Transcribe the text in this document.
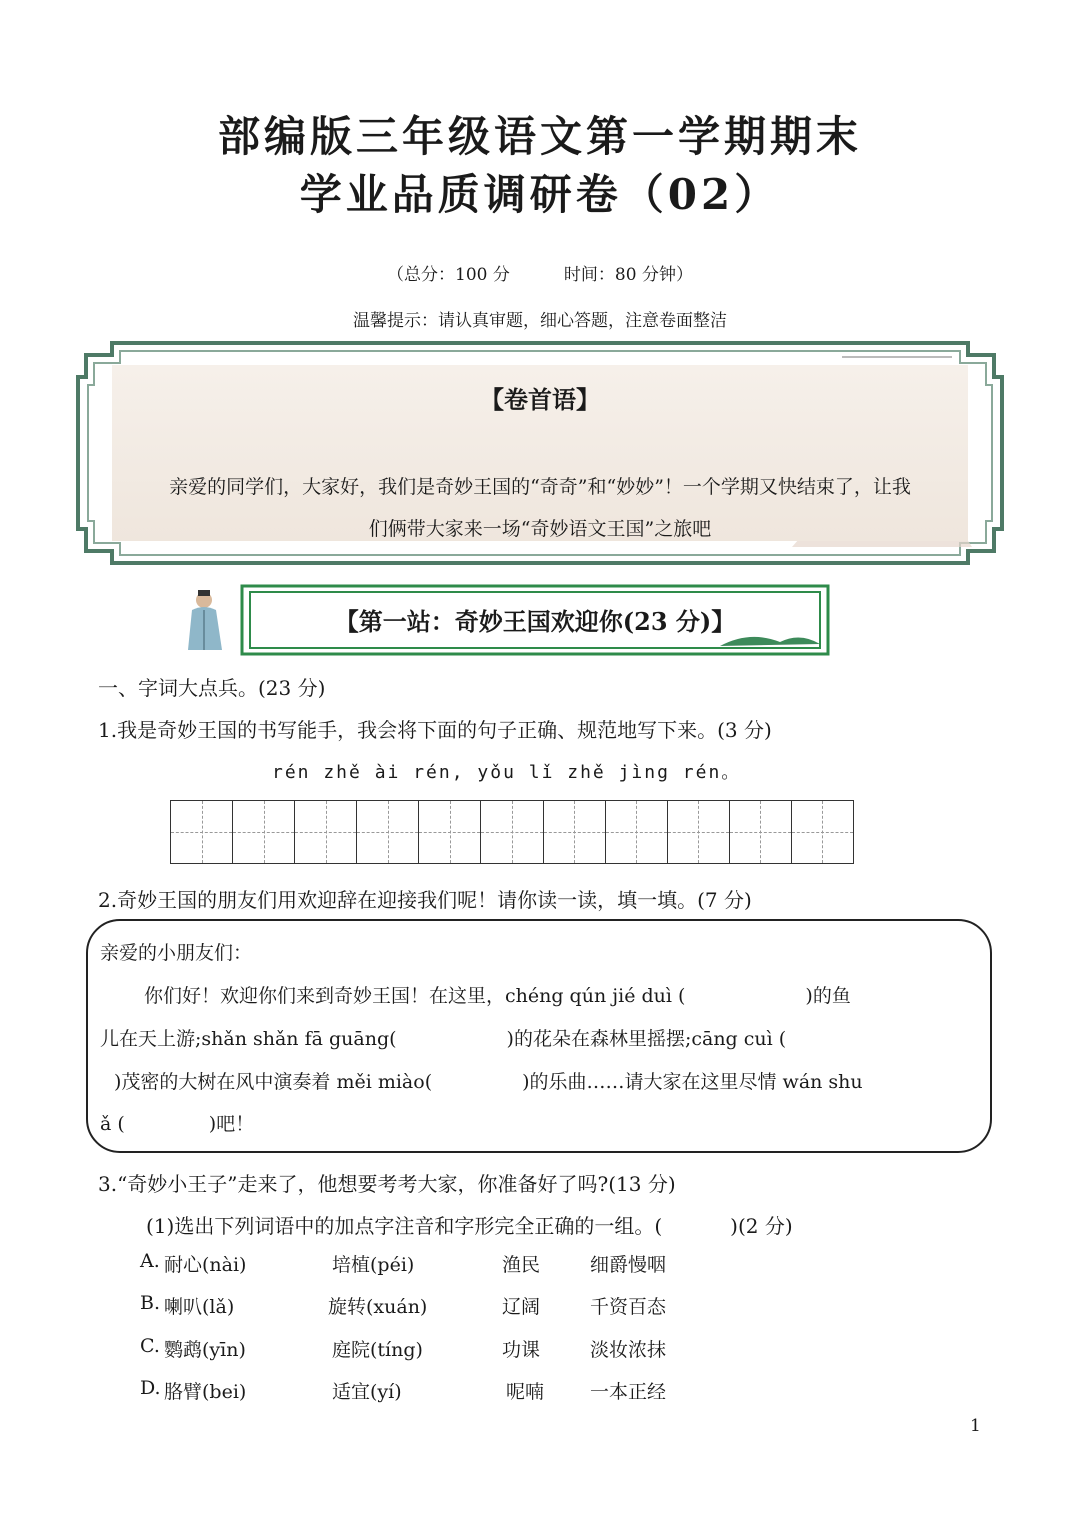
部编版三年级语文第一学期期末
学业品质调研卷（02）
（总分：100 分          时间：80 分钟）
温馨提示：请认真审题，细心答题，注意卷面整洁
【卷首语】
亲爱的同学们，大家好，我们是奇妙王国的“奇奇”和“妙妙”！一个学期又快结束了，让我
们俩带大家来一场“奇妙语文王国”之旅吧
【第一站：奇妙王国欢迎你(23 分)】
一、字词大点兵。(23 分)
1.我是奇妙王国的书写能手，我会将下面的句子正确、规范地写下来。(3 分)
rén zhě ài rén, yǒu lǐ zhě jìng rén。
2.奇妙王国的朋友们用欢迎辞在迎接我们呢！请你读一读，填一填。(7 分)
亲爱的小朋友们：
你们好！欢迎你们来到奇妙王国！在这里，chéng qún jié duì (	)的鱼
儿在天上游;shǎn shǎn fā guāng(	)的花朵在森林里摇摆;cāng cuì (
)茂密的大树在风中演奏着 měi miào(	)的乐曲……请大家在这里尽情 wán shu
ǎ (	)吧！
3.“奇妙小王子”走来了，他想要考考大家，你准备好了吗?(13 分)
(1)选出下列词语中的加点字注音和字形完全正确的一组。(	)(2 分)
A. 耐心(nài)	培植(péi)	渔民	细爵慢咽
B. 喇叭(lǎ)	旋转(xuán)	辽阔	千资百态
C. 鹦鹉(yīn)	庭院(tíng)	功课	淡妆浓抹
D. 胳臂(bei)	适宜(yí)	呢喃 一本正经
1
